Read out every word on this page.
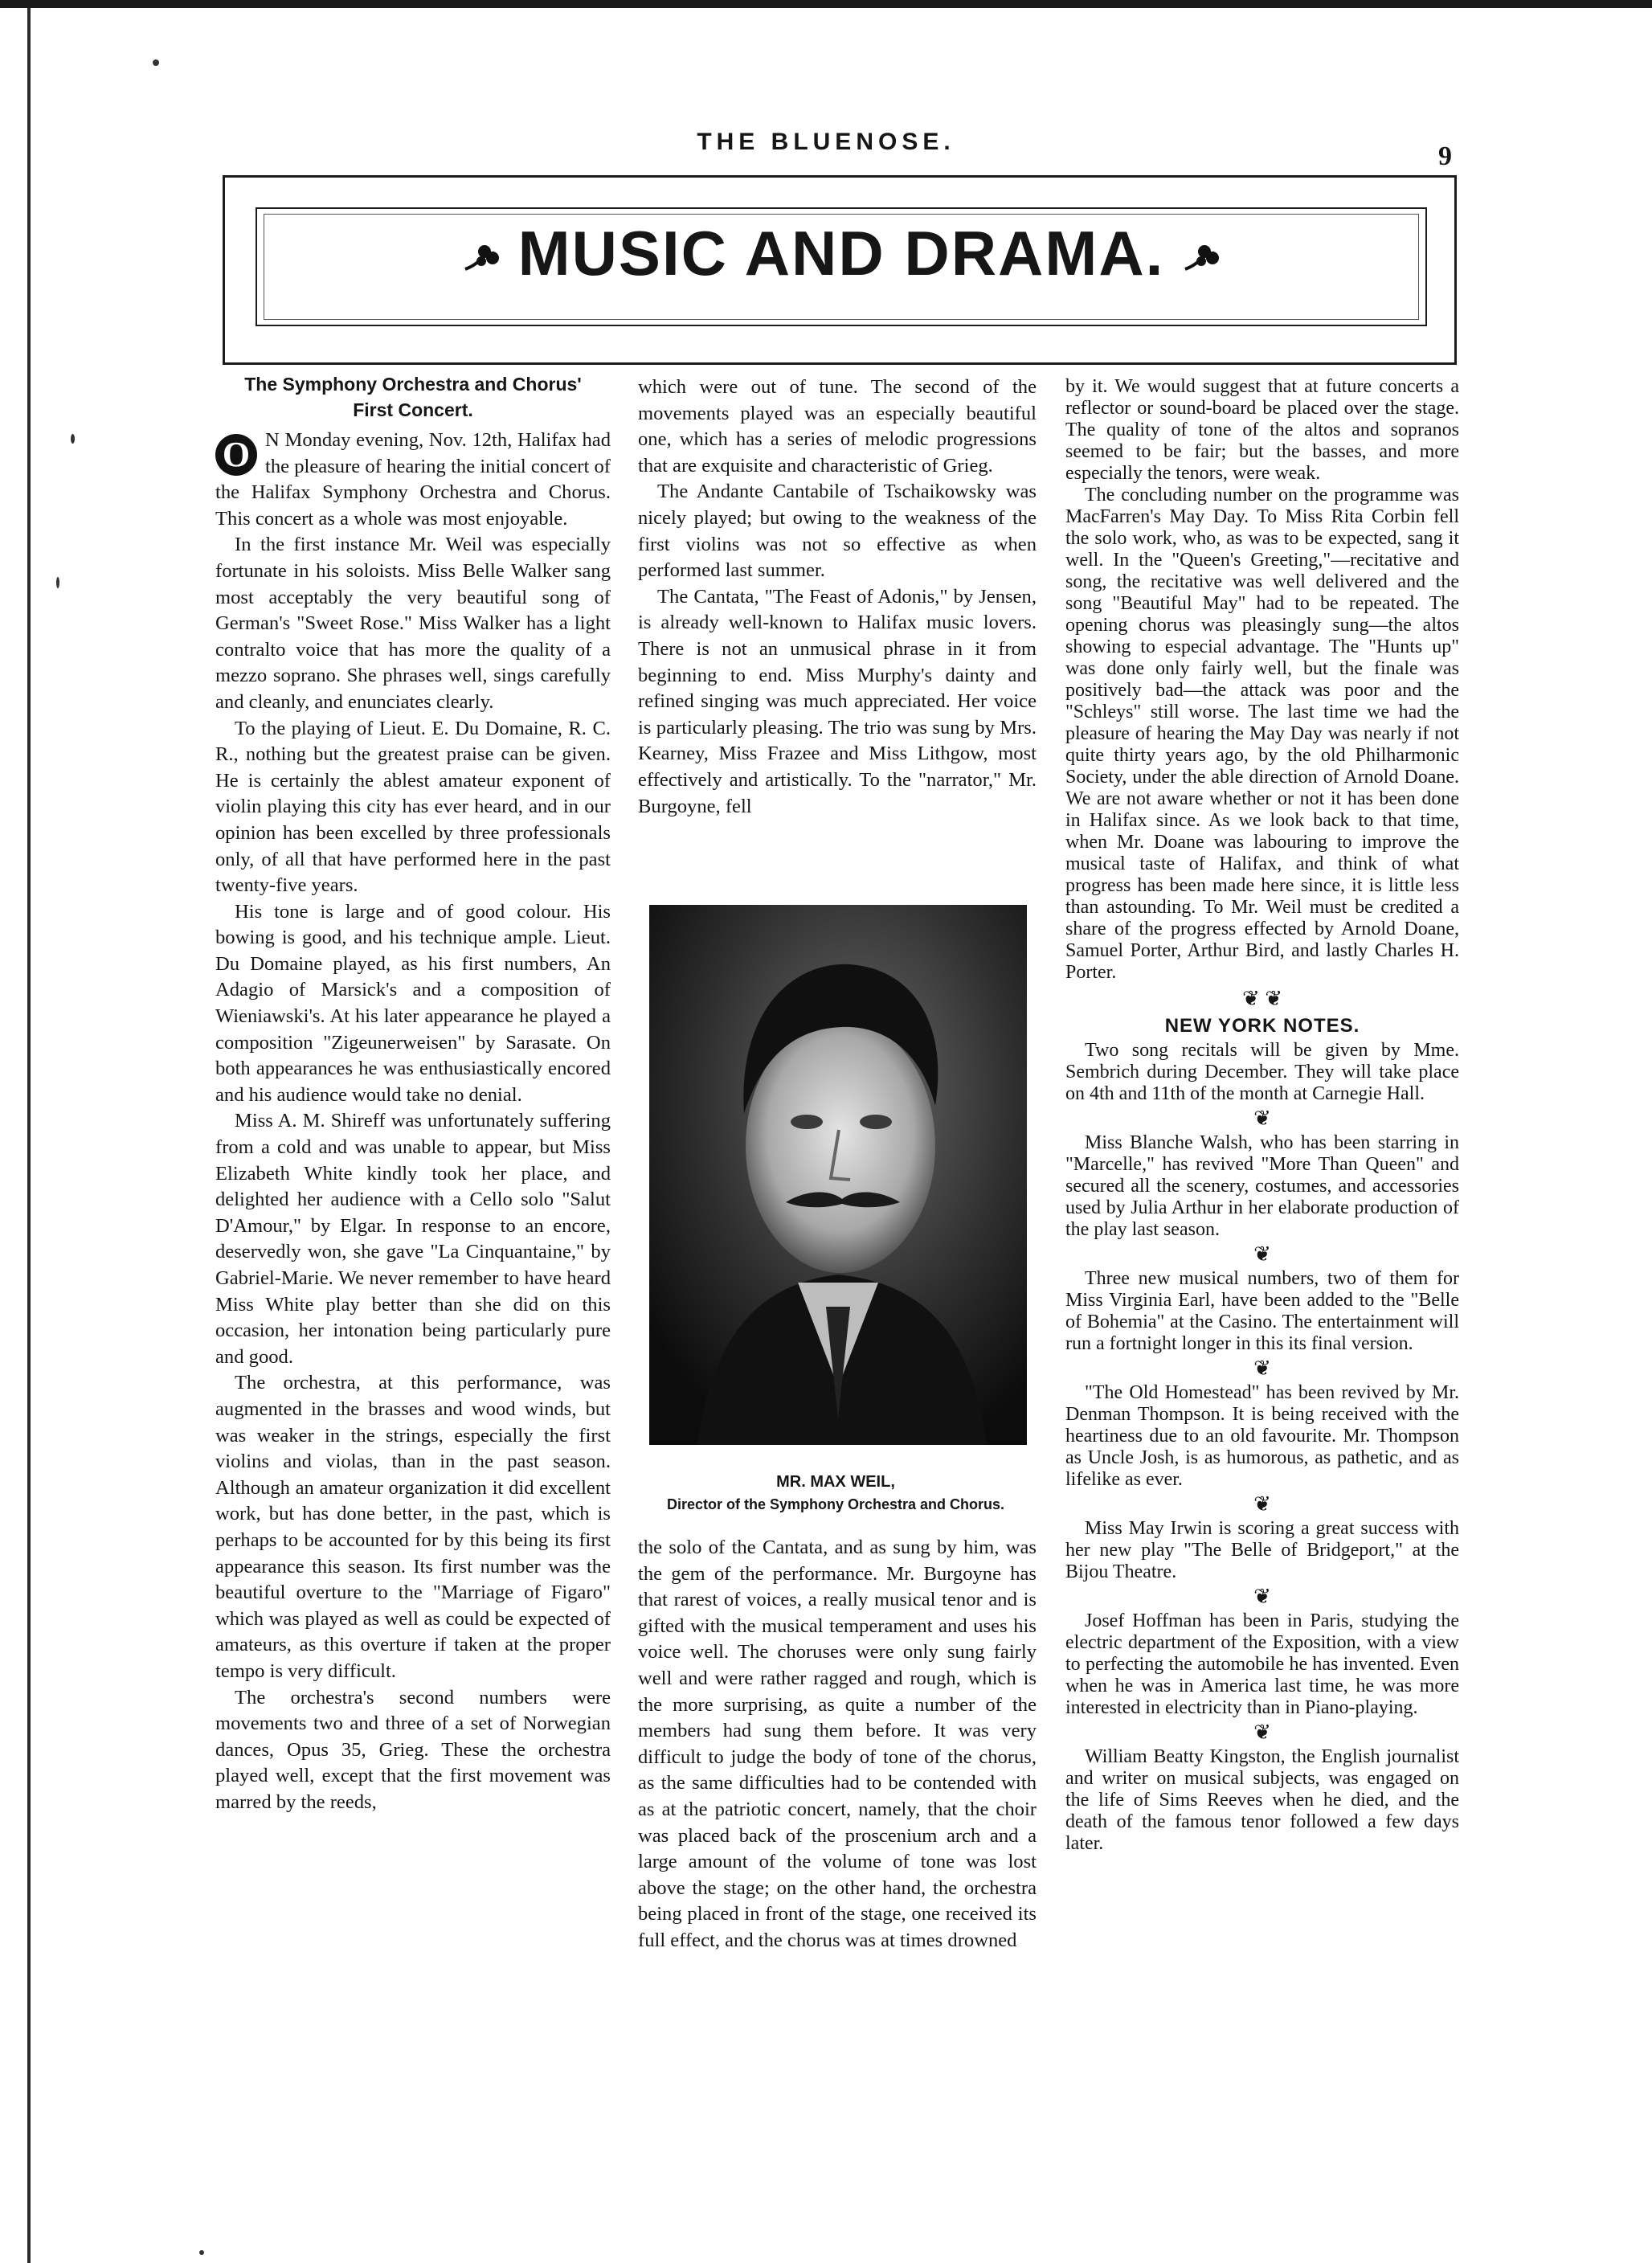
THE BLUENOSE.	9
MUSIC AND DRAMA.
The Symphony Orchestra and Chorus'
First Concert.
O N Monday evening, Nov. 12th, Halifax had the pleasure of hearing the initial concert of the Halifax Symphony Orchestra and Chorus. This concert as a whole was most enjoyable.

In the first instance Mr. Weil was especially fortunate in his soloists. Miss Belle Walker sang most acceptably the very beautiful song of German's "Sweet Rose." Miss Walker has a light contralto voice that has more the quality of a mezzo soprano. She phrases well, sings carefully and cleanly, and enunciates clearly.

To the playing of Lieut. E. Du Domaine, R. C. R., nothing but the greatest praise can be given. He is certainly the ablest amateur exponent of violin playing this city has ever heard, and in our opinion has been excelled by three professionals only, of all that have performed here in the past twenty-five years.

His tone is large and of good colour. His bowing is good, and his technique ample. Lieut. Du Domaine played, as his first numbers, An Adagio of Marsick's and a composition of Wieniawski's. At his later appearance he played a composition "Zigeunerweisen" by Sarasate. On both appearances he was enthusiastically encored and his audience would take no denial.

Miss A. M. Shireff was unfortunately suffering from a cold and was unable to appear, but Miss Elizabeth White kindly took her place, and delighted her audience with a Cello solo "Salut D'Amour," by Elgar. In response to an encore, deservedly won, she gave "La Cinquantaine," by Gabriel-Marie. We never remember to have heard Miss White play better than she did on this occasion, her intonation being particularly pure and good.

The orchestra, at this performance, was augmented in the brasses and wood winds, but was weaker in the strings, especially the first violins and violas, than in the past season. Although an amateur organization it did excellent work, but has done better, in the past, which is perhaps to be accounted for by this being its first appearance this season. Its first number was the beautiful overture to the "Marriage of Figaro" which was played as well as could be expected of amateurs, as this overture if taken at the proper tempo is very difficult.

The orchestra's second numbers were movements two and three of a set of Norwegian dances, Opus 35, Grieg. These the orchestra played well, except that the first movement was marred by the reeds,

which were out of tune. The second of the movements played was an especially beautiful one, which has a series of melodic progressions that are exquisite and characteristic of Grieg.

The Andante Cantabile of Tschaikowsky was nicely played; but owing to the weakness of the first violins was not so effective as when performed last summer.

The Cantata, "The Feast of Adonis," by Jensen, is already well-known to Halifax music lovers. There is not an unmusical phrase in it from beginning to end. Miss Murphy's dainty and refined singing was much appreciated. Her voice is particularly pleasing. The trio was sung by Mrs. Kearney, Miss Frazee and Miss Lithgow, most effectively and artistically. To the "narrator," Mr. Burgoyne, fell

MR. MAX WEIL,
Director of the Symphony Orchestra and Chorus.

the solo of the Cantata, and as sung by him, was the gem of the performance. Mr. Burgoyne has that rarest of voices, a really musical tenor and is gifted with the musical temperament and uses his voice well. The choruses were only sung fairly well and were rather ragged and rough, which is the more surprising, as quite a number of the members had sung them before. It was very difficult to judge the body of tone of the chorus, as the same difficulties had to be contended with as at the patriotic concert, namely, that the choir was placed back of the proscenium arch and a large amount of the volume of tone was lost above the stage; on the other hand, the orchestra being placed in front of the stage, one received its full effect, and the chorus was at times drowned

by it. We would suggest that at future concerts a reflector or sound-board be placed over the stage. The quality of tone of the altos and sopranos seemed to be fair; but the basses, and more especially the tenors, were weak.

The concluding number on the programme was MacFarren's May Day. To Miss Rita Corbin fell the solo work, who, as was to be expected, sang it well. In the "Queen's Greeting,"—recitative and song, the recitative was well delivered and the song "Beautiful May" had to be repeated. The opening chorus was pleasingly sung—the altos showing to especial advantage. The "Hunts up" was done only fairly well, but the finale was positively bad—the attack was poor and the "Schleys" still worse. The last time we had the pleasure of hearing the May Day was nearly if not quite thirty years ago, by the old Philharmonic Society, under the able direction of Arnold Doane. We are not aware whether or not it has been done in Halifax since. As we look back to that time, when Mr. Doane was labouring to improve the musical taste of Halifax, and think of what progress has been made here since, it is little less than astounding. To Mr. Weil must be credited a share of the progress effected by Arnold Doane, Samuel Porter, Arthur Bird, and lastly Charles H. Porter.

❦ ❦
NEW YORK NOTES.

Two song recitals will be given by Mme. Sembrich during December. They will take place on 4th and 11th of the month at Carnegie Hall.

❦

Miss Blanche Walsh, who has been starring in "Marcelle," has revived "More Than Queen" and secured all the scenery, costumes, and accessories used by Julia Arthur in her elaborate production of the play last season.

❦

Three new musical numbers, two of them for Miss Virginia Earl, have been added to the "Belle of Bohemia" at the Casino. The entertainment will run a fortnight longer in this its final version.

❦

"The Old Homestead" has been revived by Mr. Denman Thompson. It is being received with the heartiness due to an old favourite. Mr. Thompson as Uncle Josh, is as humorous, as pathetic, and as lifelike as ever.

❦

Miss May Irwin is scoring a great success with her new play "The Belle of Bridgeport," at the Bijou Theatre.

❦

Josef Hoffman has been in Paris, studying the electric department of the Exposition, with a view to perfecting the automobile he has invented. Even when he was in America last time, he was more interested in electricity than in Piano-playing.

❦

William Beatty Kingston, the English journalist and writer on musical subjects, was engaged on the life of Sims Reeves when he died, and the death of the famous tenor followed a few days later.
